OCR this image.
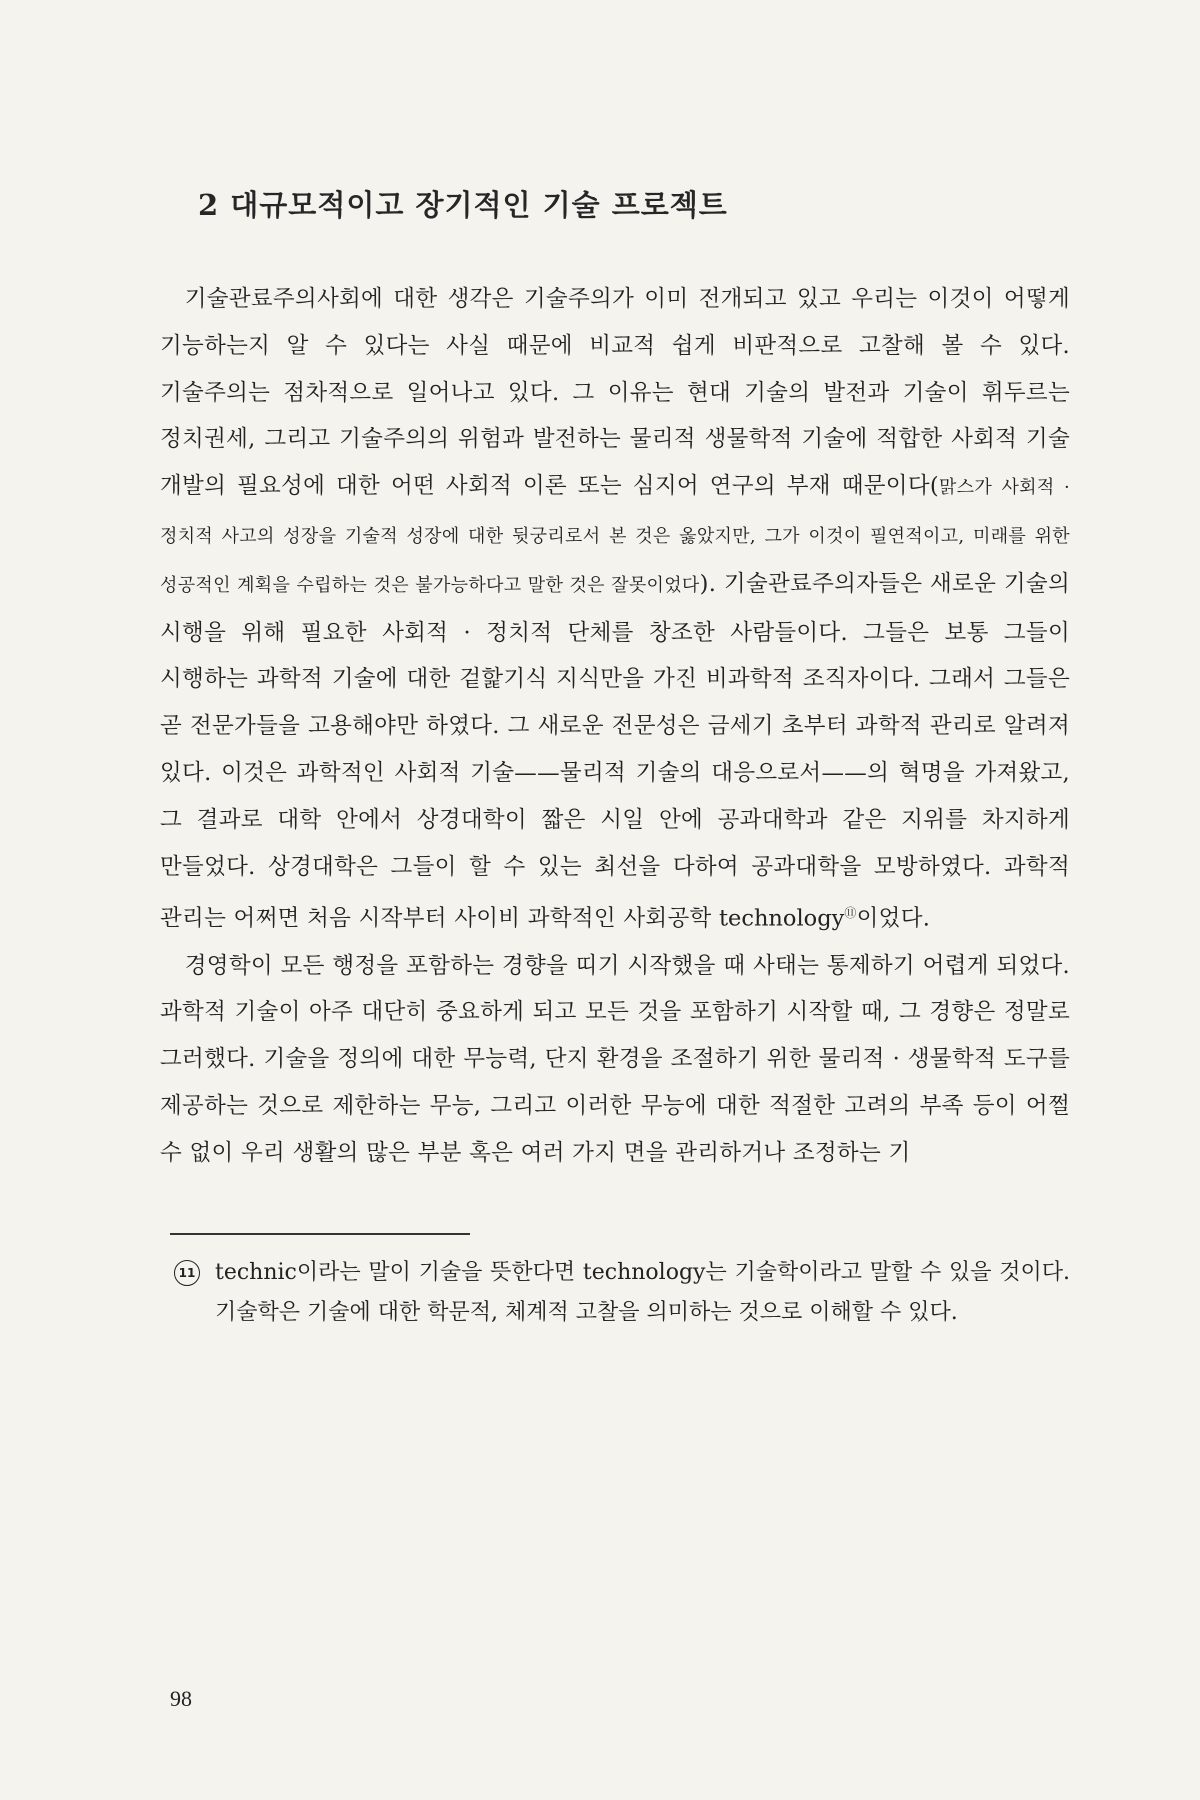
2 대규모적이고 장기적인 기술 프로젝트

기술관료주의사회에 대한 생각은 기술주의가 이미 전개되고 있고 우리는 이것이 어떻게 기능하는지 알 수 있다는 사실 때문에 비교적 쉽게 비판적으로 고찰해 볼 수 있다. 기술주의는 점차적으로 일어나고 있다. 그 이유는 현대 기술의 발전과 기술이 휘두르는 정치권세, 그리고 기술주의의 위험과 발전하는 물리적 생물학적 기술에 적합한 사회적 기술 개발의 필요성에 대한 어떤 사회적 이론 또는 심지어 연구의 부재 때문이다(맑스가 사회적 · 정치적 사고의 성장을 기술적 성장에 대한 뒷궁리로서 본 것은 옳았지만, 그가 이것이 필연적이고, 미래를 위한 성공적인 계획을 수립하는 것은 불가능하다고 말한 것은 잘못이었다). 기술관료주의자들은 새로운 기술의 시행을 위해 필요한 사회적 · 정치적 단체를 창조한 사람들이다. 그들은 보통 그들이 시행하는 과학적 기술에 대한 겉핥기식 지식만을 가진 비과학적 조직자이다. 그래서 그들은 곧 전문가들을 고용해야만 하였다. 그 새로운 전문성은 금세기 초부터 과학적 관리로 알려져 있다. 이것은 과학적인 사회적 기술——물리적 기술의 대응으로서——의 혁명을 가져왔고, 그 결과로 대학 안에서 상경대학이 짧은 시일 안에 공과대학과 같은 지위를 차지하게 만들었다. 상경대학은 그들이 할 수 있는 최선을 다하여 공과대학을 모방하였다. 과학적 관리는 어쩌면 처음 시작부터 사이비 과학적인 사회공학 technology⑪이었다.

경영학이 모든 행정을 포함하는 경향을 띠기 시작했을 때 사태는 통제하기 어렵게 되었다. 과학적 기술이 아주 대단히 중요하게 되고 모든 것을 포함하기 시작할 때, 그 경향은 정말로 그러했다. 기술을 정의에 대한 무능력, 단지 환경을 조절하기 위한 물리적 · 생물학적 도구를 제공하는 것으로 제한하는 무능, 그리고 이러한 무능에 대한 적절한 고려의 부족 등이 어쩔 수 없이 우리 생활의 많은 부분 혹은 여러 가지 면을 관리하거나 조정하는 기

11 technic이라는 말이 기술을 뜻한다면 technology는 기술학이라고 말할 수 있을 것이다. 기술학은 기술에 대한 학문적, 체계적 고찰을 의미하는 것으로 이해할 수 있다.
98
